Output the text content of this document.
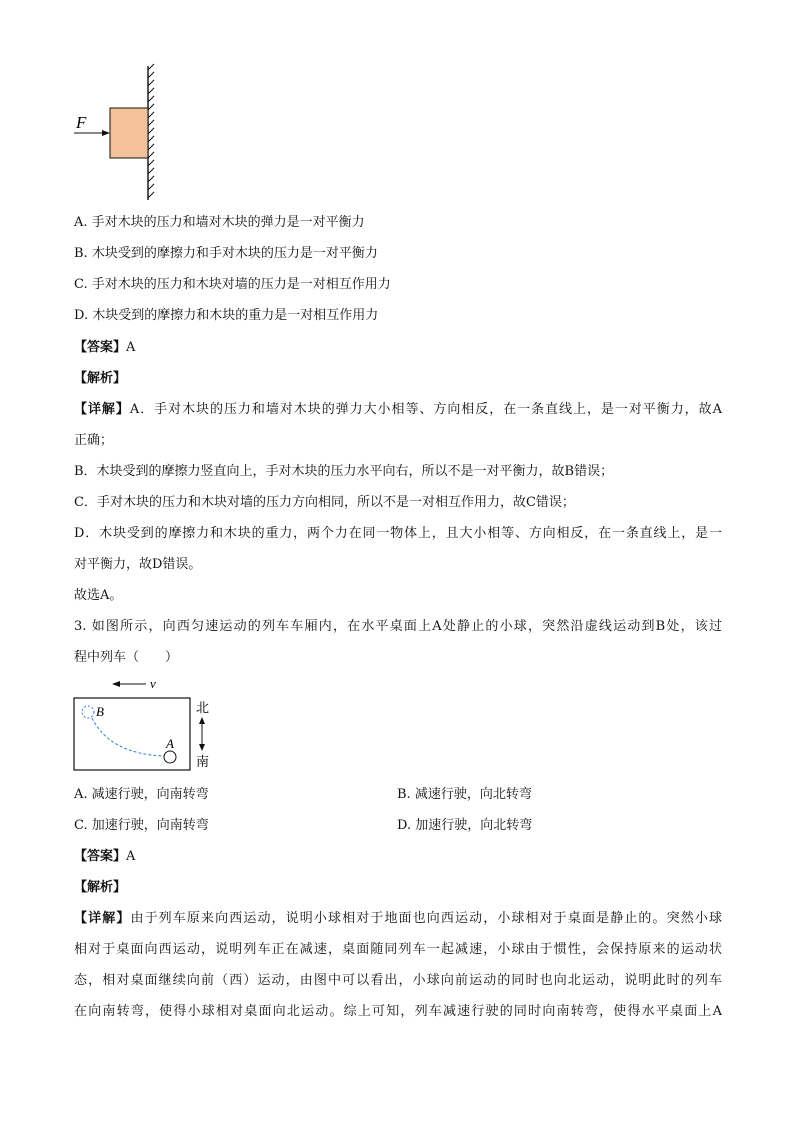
F
A. 手对木块的压力和墙对木块的弹力是一对平衡力
B. 木块受到的摩擦力和手对木块的压力是一对平衡力
C. 手对木块的压力和木块对墙的压力是一对相互作用力
D. 木块受到的摩擦力和木块的重力是一对相互作用力
【答案】A
【解析】
【详解】A．手对木块的压力和墙对木块的弹力大小相等、方向相反，在一条直线上，是一对平衡力，故A
正确；
B．木块受到的摩擦力竖直向上，手对木块的压力水平向右，所以不是一对平衡力，故B错误；
C．手对木块的压力和木块对墙的压力方向相同，所以不是一对相互作用力，故C错误；
D．木块受到的摩擦力和木块的重力，两个力在同一物体上，且大小相等、方向相反，在一条直线上，是一
对平衡力，故D错误。
故选A。
3. 如图所示，向西匀速运动的列车车厢内，在水平桌面上A处静止的小球，突然沿虚线运动到B处，该过
程中列车（　　）
v
B
A
北
南
A. 减速行驶，向南转弯	B. 减速行驶，向北转弯
C. 加速行驶，向南转弯	D. 加速行驶，向北转弯
【答案】A
【解析】
【详解】由于列车原来向西运动，说明小球相对于地面也向西运动，小球相对于桌面是静止的。突然小球
相对于桌面向西运动，说明列车正在减速，桌面随同列车一起减速，小球由于惯性，会保持原来的运动状
态，相对桌面继续向前（西）运动，由图中可以看出，小球向前运动的同时也向北运动，说明此时的列车
在向南转弯，使得小球相对桌面向北运动。综上可知，列车减速行驶的同时向南转弯，使得水平桌面上A
